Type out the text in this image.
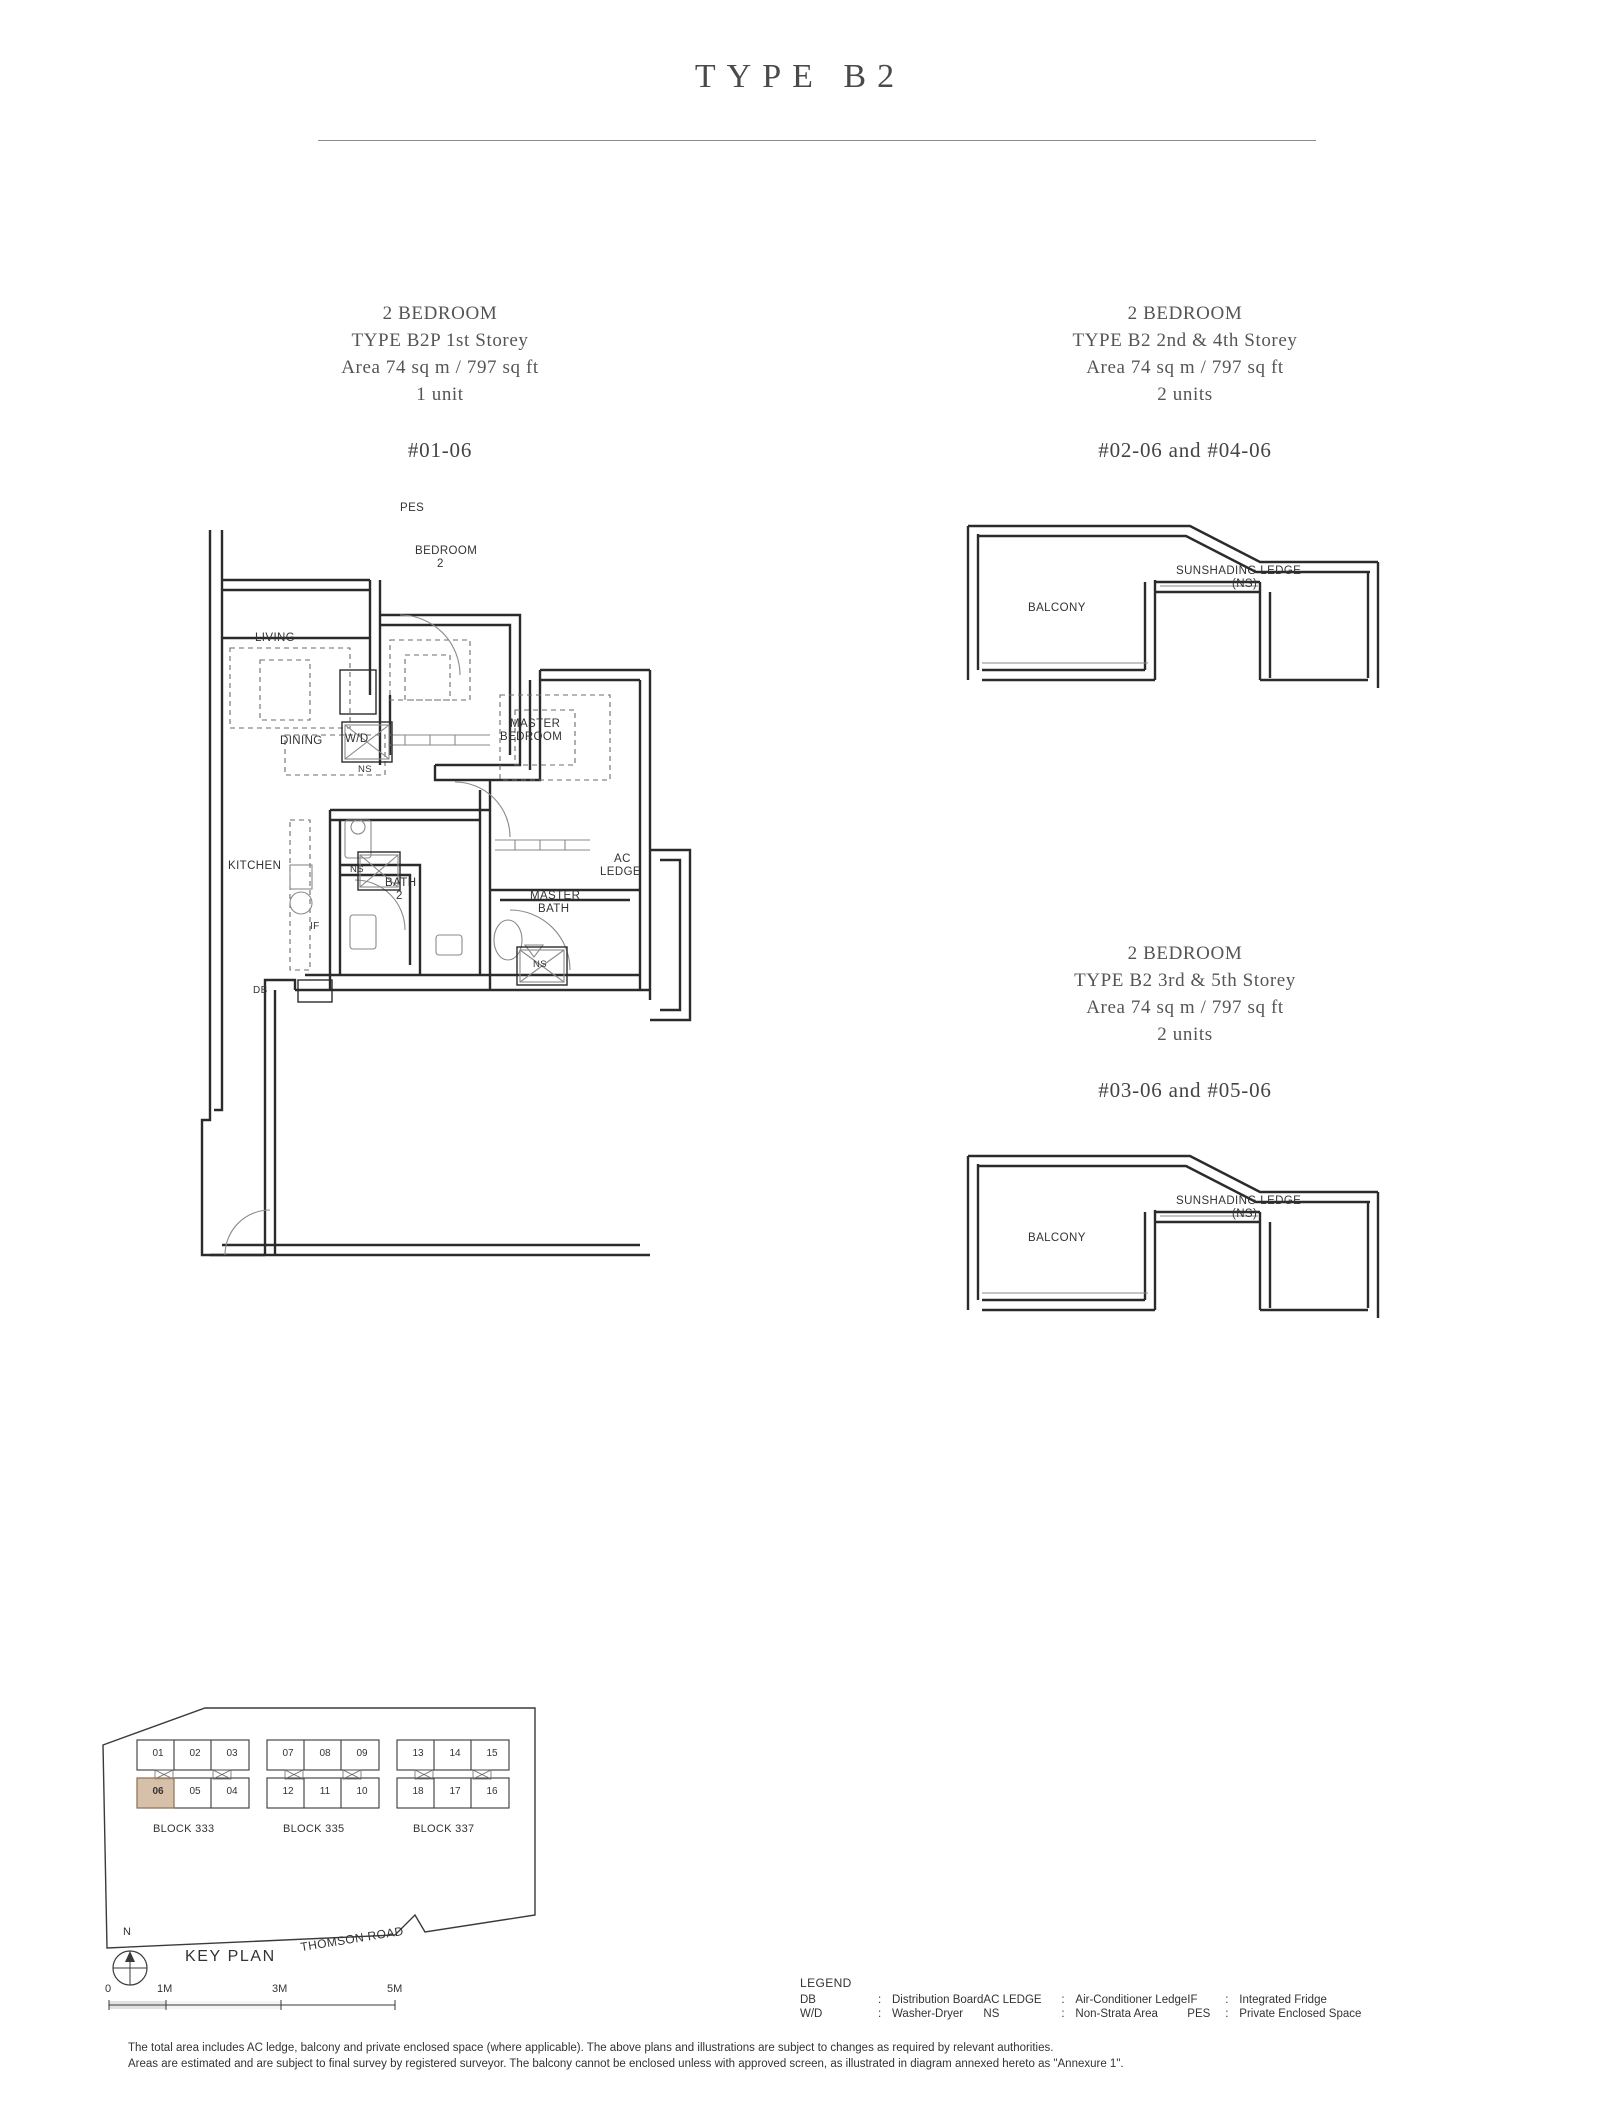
TYPE B2
2 BEDROOM
TYPE B2P 1st Storey
Area 74 sq m / 797 sq ft
1 unit
#01-06
2 BEDROOM
TYPE B2 2nd & 4th Storey
Area 74 sq m / 797 sq ft
2 units
#02-06 and #04-06
2 BEDROOM
TYPE B2 3rd & 5th Storey
Area 74 sq m / 797 sq ft
2 units
#03-06 and #05-06
PES
LIVING
BEDROOM
2
DINING
KITCHEN
MASTER
BEDROOM
BATH
2	MASTER
BATH
AC
LEDGE
W/D
NS
NS
NS
DB
IF
BALCONY
SUNSHADING LEDGE
(NS)
BALCONY
SUNSHADING LEDGE
(NS)
01	02	03
06	05	04
07	08	09
12	11	10
13	14	15
18	17	16
BLOCK 333	BLOCK 335	BLOCK 337
N	THOMSON ROAD
0	1M	3M	5M
KEY PLAN
LEGEND
DB	:	Distribution Board	AC LEDGE	:	Air-Conditioner Ledge	IF	:	Integrated Fridge
W/D	:	Washer-Dryer	NS	:	Non-Strata Area	PES	:	Private Enclosed Space
The total area includes AC ledge, balcony and private enclosed space (where applicable). The above plans and illustrations are subject to changes as required by relevant authorities.
Areas are estimated and are subject to final survey by registered surveyor. The balcony cannot be enclosed unless with approved screen, as illustrated in diagram annexed hereto as "Annexure 1".
